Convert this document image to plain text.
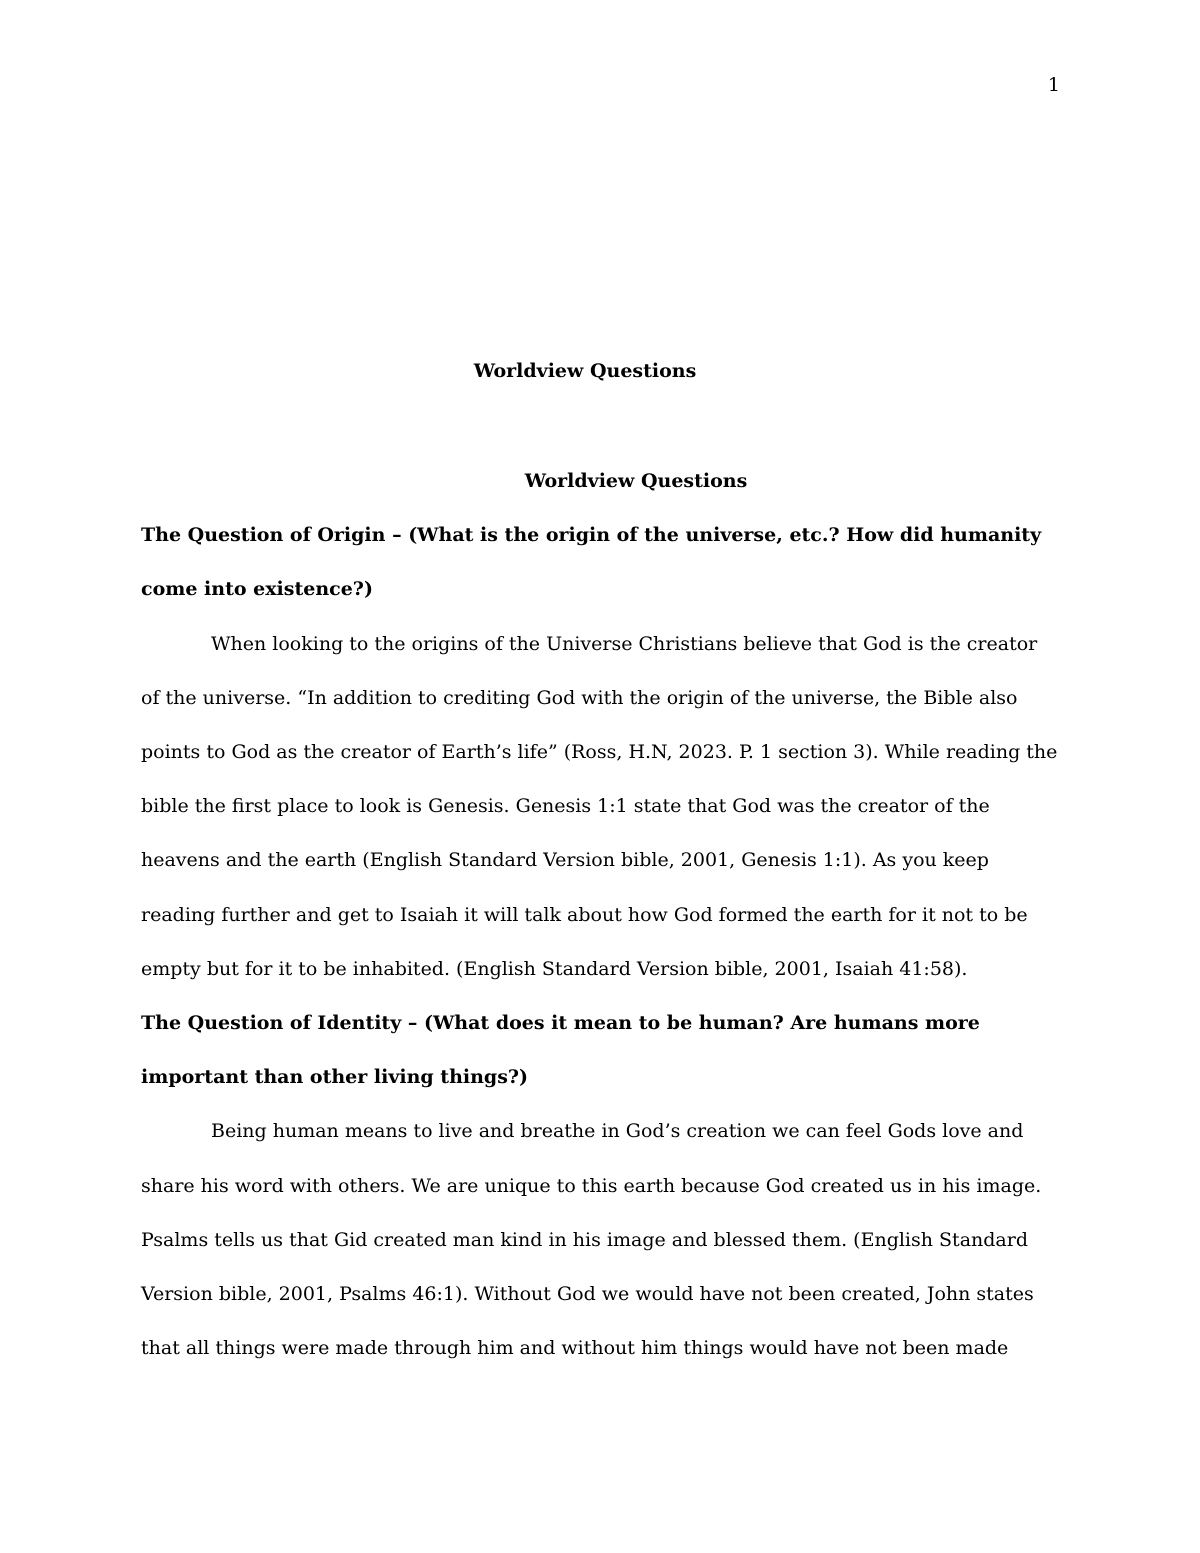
1
Worldview Questions

Worldview Questions

The Question of Origin – (What is the origin of the universe, etc.? How did humanity come into existence?)

When looking to the origins of the Universe Christians believe that God is the creator of the universe. “In addition to crediting God with the origin of the universe, the Bible also points to God as the creator of Earth’s life” (Ross, H.N, 2023. P. 1 section 3). While reading the bible the first place to look is Genesis. Genesis 1:1 state that God was the creator of the heavens and the earth (English Standard Version bible, 2001, Genesis 1:1). As you keep reading further and get to Isaiah it will talk about how God formed the earth for it not to be empty but for it to be inhabited. (English Standard Version bible, 2001, Isaiah 41:58).

The Question of Identity – (What does it mean to be human? Are humans more important than other living things?)

Being human means to live and breathe in God’s creation we can feel Gods love and share his word with others. We are unique to this earth because God created us in his image. Psalms tells us that Gid created man kind in his image and blessed them. (English Standard Version bible, 2001, Psalms 46:1). Without God we would have not been created, John states that all things were made through him and without him things would have not been made
